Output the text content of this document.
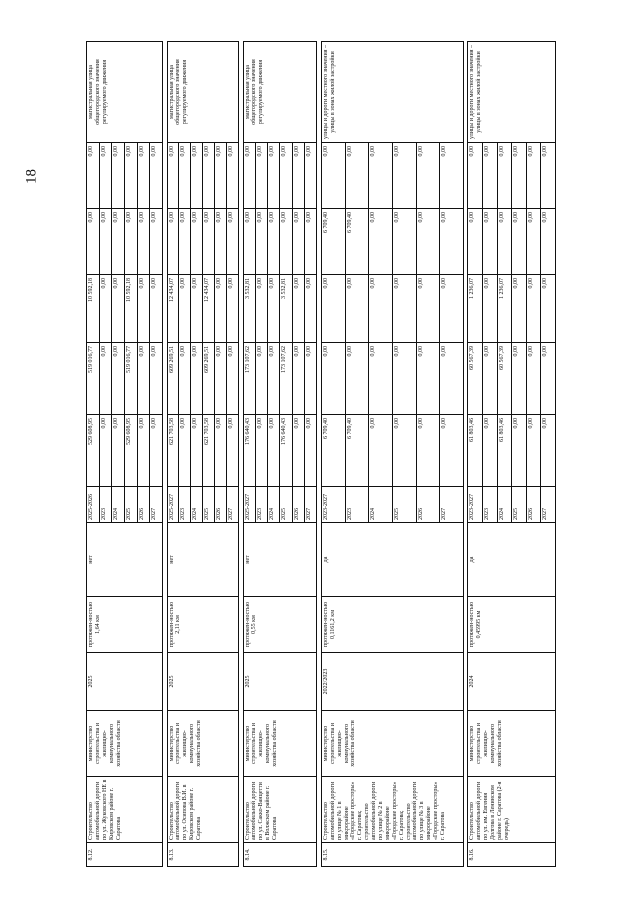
18
8.12.	Строительство автомобильной дороги по ул. Жуковского НЕ в Кировском районе г. Саратова	министерство строительства и жилищно-коммунального хозяйства области	2025	протяжен-ностью 1,64 км	нет	2025-2026	529 608,95	519 016,77	10 592,18	0,00	0,00	магистральная улица общегородского значения регулируемого движения
						2023	0,00	0,00	0,00	0,00	0,00	
						2024	0,00	0,00	0,00	0,00	0,00	
						2025	529 608,95	519 016,77	10 592,18	0,00	0,00	
						2026	0,00	0,00	0,00	0,00	0,00	
						2027	0,00	0,00	0,00	0,00	0,00	

8.13.	Строительство автомобильной дороги по ул. Осипова В.И. в Кировском районе г. Саратова	министерство строительства и жилищно-коммунального хозяйства области	2025	протяжен-ностью 2,11 км	нет	2025-2027	621 703,58	609 269,51	12 434,07	0,00	0,00	магистральная улица общегородского значения регулируемого движения
						2023	0,00	0,00	0,00	0,00	0,00	
						2024	0,00	0,00	0,00	0,00	0,00	
						2025	621 703,58	609 269,51	12 434,07	0,00	0,00	
						2026	0,00	0,00	0,00	0,00	0,00	
						2027	0,00	0,00	0,00	0,00	0,00	

8.14.	Строительство автомобильной дороги по ул. Сакко-Ванцетти в Волжском районе г. Саратова	министерство строительства и жилищно-коммунального хозяйства области	2025	протяжен-ностью 0,55 км	нет	2025-2027	176 640,43	173 107,62	3 532,81	0,00	0,00	магистральная улица общегородского значения регулируемого движения
						2023	0,00	0,00	0,00	0,00	0,00	
						2024	0,00	0,00	0,00	0,00	0,00	
						2025	176 640,43	173 107,62	3 532,81	0,00	0,00	
						2026	0,00	0,00	0,00	0,00	0,00	
						2027	0,00	0,00	0,00	0,00	0,00	

8.15.	Строительство автомобильной дороги по улице № 1 в микрорайоне «Городские просторы» г. Саратова; строительство автомобильной дороги по улице № 2 в микрорайоне «Городские просторы» г. Саратова; строительство автомобильной дороги по улице № 3 в микрорайоне «Городские просторы» г. Саратова	министерство строительства и жилищно-коммунального хозяйства области	2022/2023	протяжен-ностью 0,1161,2 км	да	2023-2027	6 709,40	0,00	0,00	6 709,40	0,00	улицы и дороги местного значения – улицы в зонах жилой застройки
						2023	6 709,40	0,00	0,00	6 709,40	0,00	
						2024	0,00	0,00	0,00	0,00	0,00	
						2025	0,00	0,00	0,00	0,00	0,00	
						2026	0,00	0,00	0,00	0,00	0,00	
						2027	0,00	0,00	0,00	0,00	0,00	

8.16.	Строительство автомобильной дороги по ул. им. Евгения Долгова в Ленинском районе г. Саратова (2-я очередь)	министерство строительства и жилищно-коммунального хозяйства области	2024	протяжен-ностью 0,45995 км	да	2023-2027	61 803,46	60 567,39	1 236,07	0,00	0,00	улицы и дороги местного значения – улицы в зонах жилой застройки
						2023	0,00	0,00	0,00	0,00	0,00	
						2024	61 803,46	60 567,39	1 236,07	0,00	0,00	
						2025	0,00	0,00	0,00	0,00	0,00	
						2026	0,00	0,00	0,00	0,00	0,00	
						2027	0,00	0,00	0,00	0,00	0,00	
